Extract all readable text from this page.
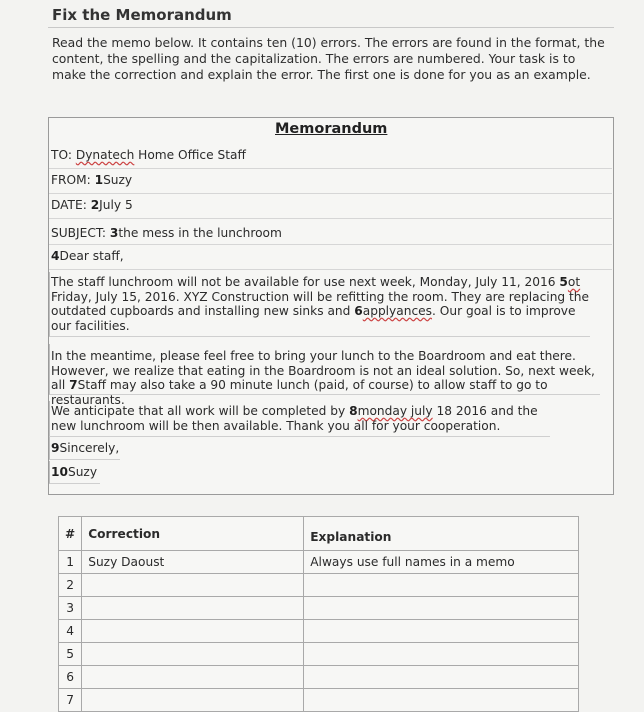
Fix the Memorandum
Read the memo below. It contains ten (10) errors. The errors are found in the format, the content, the spelling and the capitalization. The errors are numbered. Your task is to make the correction and explain the error. The first one is done for you as an example.
Memorandum
TO: Dynatech Home Office Staff
FROM: 1Suzy
DATE: 2July 5
SUBJECT: 3the mess in the lunchroom
4Dear staff,
The staff lunchroom will not be available for use next week, Monday, July 11, 2016 5ot Friday, July 15, 2016. XYZ Construction will be refitting the room. They are replacing the outdated cupboards and installing new sinks and 6applyances. Our goal is to improve our facilities.
In the meantime, please feel free to bring your lunch to the Boardroom and eat there. However, we realize that eating in the Boardroom is not an ideal solution. So, next week, all 7Staff may also take a 90 minute lunch (paid, of course) to allow staff to go to restaurants.
We anticipate that all work will be completed by 8monday july 18 2016 and the new lunchroom will be then available. Thank you all for your cooperation.
9Sincerely,
10Suzy
#	Correction	Explanation
1	Suzy Daoust	Always use full names in a memo
2		
3		
4		
5		
6		
7		
